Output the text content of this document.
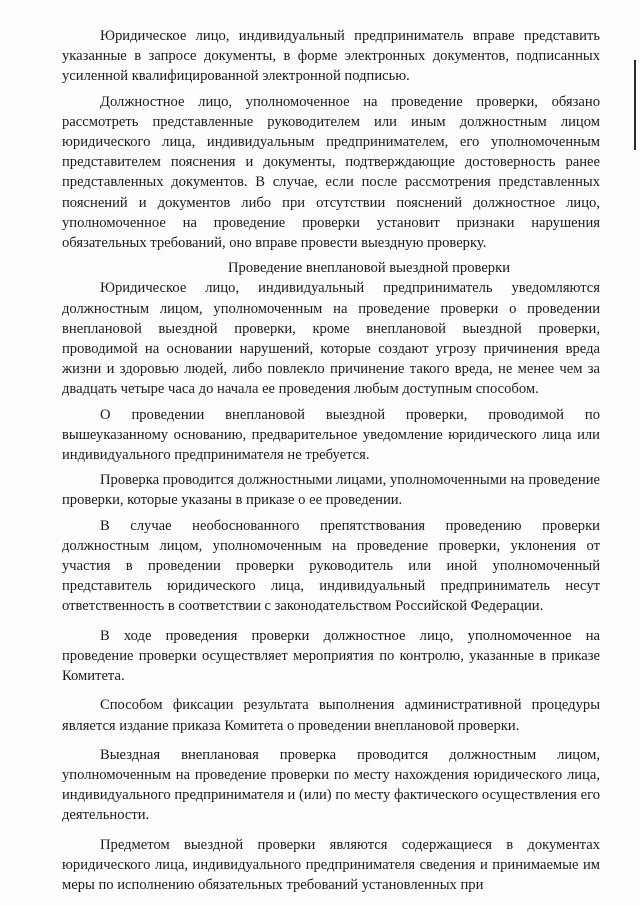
Юридическое лицо, индивидуальный предприниматель вправе представить указанные в запросе документы, в форме электронных документов, подписанных усиленной квалифицированной электронной подписью.

Должностное лицо, уполномоченное на проведение проверки, обязано рассмотреть представленные руководителем или иным должностным лицом юридического лица, индивидуальным предпринимателем, его уполномоченным представителем пояснения и документы, подтверждающие достоверность ранее представленных документов. В случае, если после рассмотрения представленных пояснений и документов либо при отсутствии пояснений должностное лицо, уполномоченное на проведение проверки установит признаки нарушения обязательных требований, оно вправе провести выездную проверку.

Проведение внеплановой выездной проверки

Юридическое лицо, индивидуальный предприниматель уведомляются должностным лицом, уполномоченным на проведение проверки о проведении внеплановой выездной проверки, кроме внеплановой выездной проверки, проводимой на основании нарушений, которые создают угрозу причинения вреда жизни и здоровью людей, либо повлекло причинение такого вреда, не менее чем за двадцать четыре часа до начала ее проведения любым доступным способом.

О проведении внеплановой выездной проверки, проводимой по вышеуказанному основанию, предварительное уведомление юридического лица или индивидуального предпринимателя не требуется.

Проверка проводится должностными лицами, уполномоченными на проведение проверки, которые указаны в приказе о ее проведении.

В случае необоснованного препятствования проведению проверки должностным лицом, уполномоченным на проведение проверки, уклонения от участия в проведении проверки руководитель или иной уполномоченный представитель юридического лица, индивидуальный предприниматель несут ответственность в соответствии с законодательством Российской Федерации.

В ходе проведения проверки должностное лицо, уполномоченное на проведение проверки осуществляет мероприятия по контролю, указанные в приказе Комитета.

Способом фиксации результата выполнения административной процедуры является издание приказа Комитета о проведении внеплановой проверки.

Выездная внеплановая проверка проводится должностным лицом, уполномоченным на проведение проверки по месту нахождения юридического лица, индивидуального предпринимателя и (или) по месту фактического осуществления его деятельности.

Предметом выездной проверки являются содержащиеся в документах юридического лица, индивидуального предпринимателя сведения и принимаемые им меры по исполнению обязательных требований установленных при
